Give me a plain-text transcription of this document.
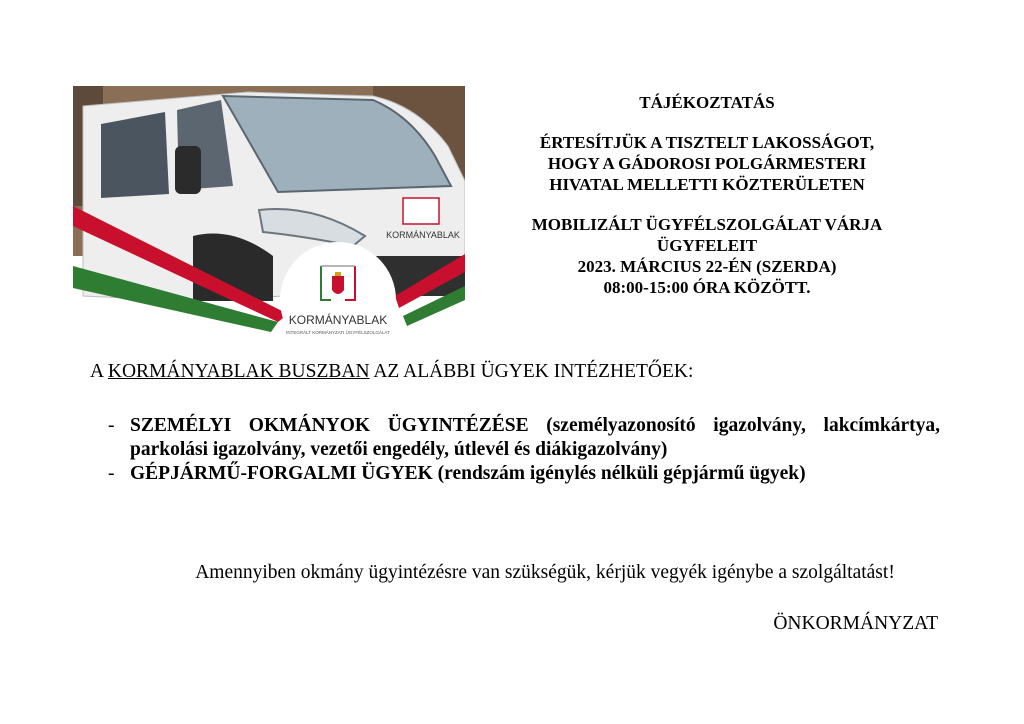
KORMÁNYABLAK
KORMÁNYABLAK
INTEGRÁLT KORMÁNYZATI ÜGYFÉLSZOLGÁLAT
TÁJÉKOZTATÁS
ÉRTESÍTJÜK A TISZTELT LAKOSSÁGOT,
HOGY A GÁDOROSI POLGÁRMESTERI
HIVATAL MELLETTI KÖZTERÜLETEN
MOBILIZÁLT ÜGYFÉLSZOLGÁLAT VÁRJA
ÜGYFELEIT
2023. MÁRCIUS 22-ÉN (SZERDA)
08:00-15:00 ÓRA KÖZÖTT.
A KORMÁNYABLAK BUSZBAN AZ ALÁBBI ÜGYEK INTÉZHETŐEK:
- SZEMÉLYI OKMÁNYOK ÜGYINTÉZÉSE (személyazonosító igazolvány, lakcímkártya, parkolási igazolvány, vezetői engedély, útlevél és diákigazolvány)
- GÉPJÁRMŰ-FORGALMI ÜGYEK (rendszám igénylés nélküli gépjármű ügyek)
Amennyiben okmány ügyintézésre van szükségük, kérjük vegyék igénybe a szolgáltatást!
ÖNKORMÁNYZAT
